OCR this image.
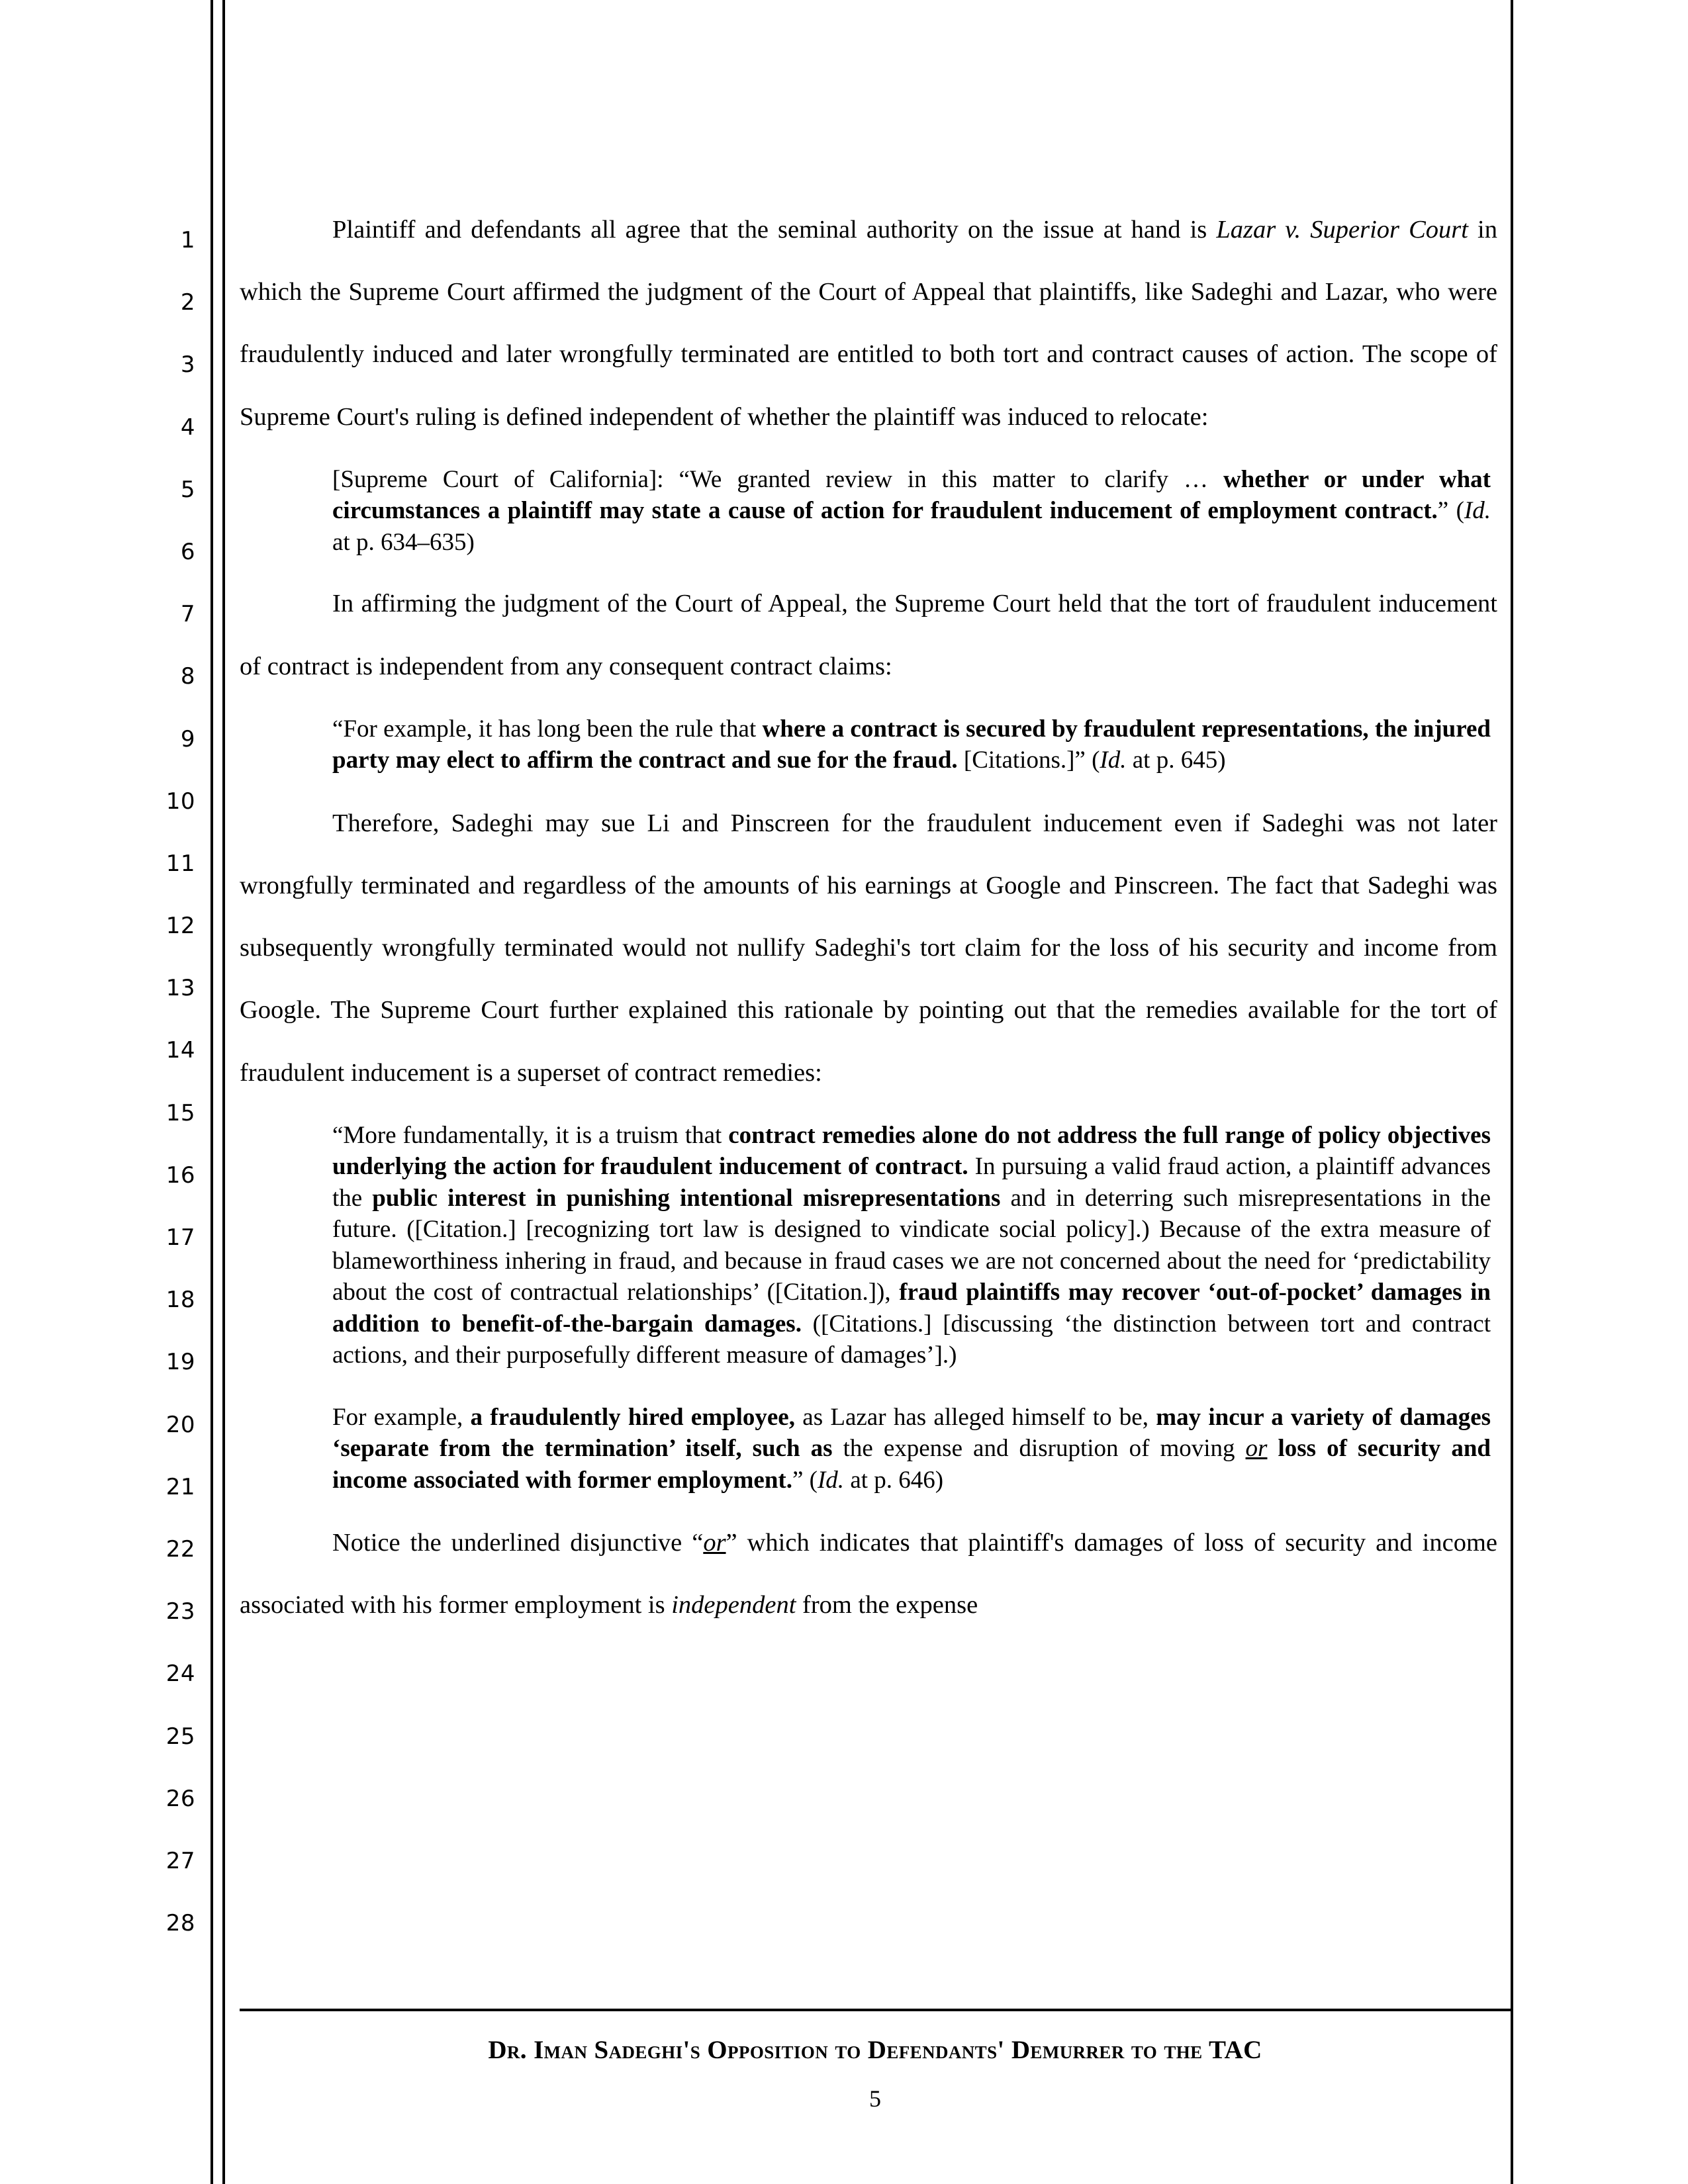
1
2
3
4
5
6
7
8
9
10
11
12
13
14
15
16
17
18
19
20
21
22
23
24
25
26
27
28

Plaintiff and defendants all agree that the seminal authority on the issue at hand is Lazar v. Superior Court in which the Supreme Court affirmed the judgment of the Court of Appeal that plaintiffs, like Sadeghi and Lazar, who were fraudulently induced and later wrongfully terminated are entitled to both tort and contract causes of action. The scope of Supreme Court's ruling is defined independent of whether the plaintiff was induced to relocate:

[Supreme Court of California]: “We granted review in this matter to clarify … whether or under what circumstances a plaintiff may state a cause of action for fraudulent inducement of employment contract.” (Id. at p. 634–635)

In affirming the judgment of the Court of Appeal, the Supreme Court held that the tort of fraudulent inducement of contract is independent from any consequent contract claims:

“For example, it has long been the rule that where a contract is secured by fraudulent representations, the injured party may elect to affirm the contract and sue for the fraud. [Citations.]” (Id. at p. 645)

Therefore, Sadeghi may sue Li and Pinscreen for the fraudulent inducement even if Sadeghi was not later wrongfully terminated and regardless of the amounts of his earnings at Google and Pinscreen. The fact that Sadeghi was subsequently wrongfully terminated would not nullify Sadeghi's tort claim for the loss of his security and income from Google. The Supreme Court further explained this rationale by pointing out that the remedies available for the tort of fraudulent inducement is a superset of contract remedies:

“More fundamentally, it is a truism that contract remedies alone do not address the full range of policy objectives underlying the action for fraudulent inducement of contract. In pursuing a valid fraud action, a plaintiff advances the public interest in punishing intentional misrepresentations and in deterring such misrepresentations in the future. ([Citation.] [recognizing tort law is designed to vindicate social policy].) Because of the extra measure of blameworthiness inhering in fraud, and because in fraud cases we are not concerned about the need for ‘predictability about the cost of contractual relationships’ ([Citation.]), fraud plaintiffs may recover ‘out-of-pocket’ damages in addition to benefit-of-the-bargain damages. ([Citations.] [discussing ‘the distinction between tort and contract actions, and their purposefully different measure of damages’].)
For example, a fraudulently hired employee, as Lazar has alleged himself to be, may incur a variety of damages ‘separate from the termination’ itself, such as the expense and disruption of moving or loss of security and income associated with former employment.” (Id. at p. 646)

Notice the underlined disjunctive “or” which indicates that plaintiff's damages of loss of security and income associated with his former employment is independent from the expense

Dr. Iman Sadeghi's Opposition to Defendants' Demurrer to the TAC
5
